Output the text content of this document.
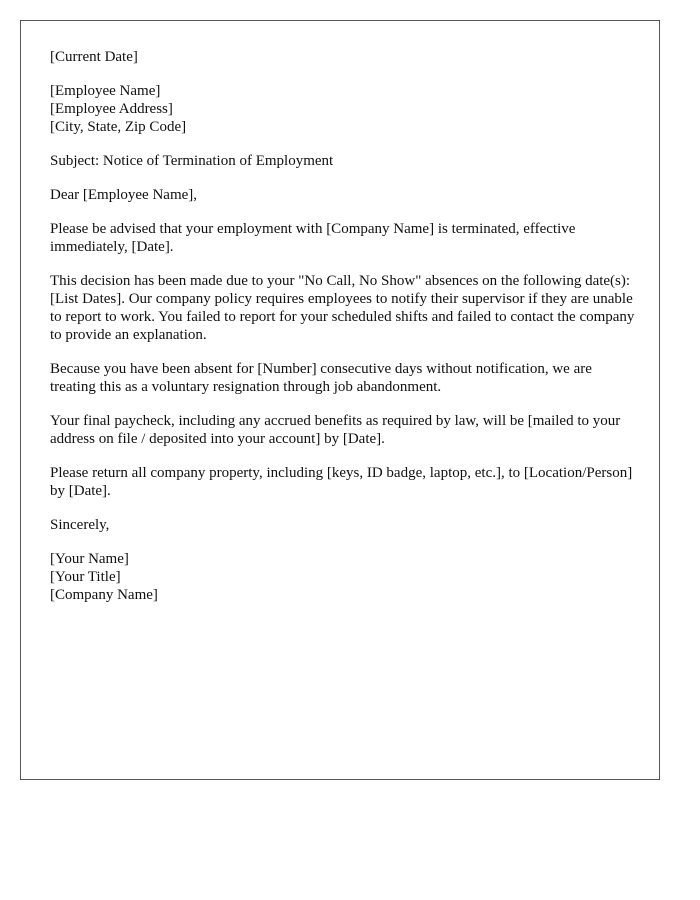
[Current Date]
[Employee Name]
[Employee Address]
[City, State, Zip Code]

Subject: Notice of Termination of Employment

Dear [Employee Name],

Please be advised that your employment with [Company Name] is terminated, effective immediately, [Date].

This decision has been made due to your "No Call, No Show" absences on the following date(s): [List Dates]. Our company policy requires employees to notify their supervisor if they are unable to report to work. You failed to report for your scheduled shifts and failed to contact the company to provide an explanation.

Because you have been absent for [Number] consecutive days without notification, we are treating this as a voluntary resignation through job abandonment.

Your final paycheck, including any accrued benefits as required by law, will be [mailed to your address on file / deposited into your account] by [Date].

Please return all company property, including [keys, ID badge, laptop, etc.], to [Location/Person] by [Date].

Sincerely,

[Your Name]
[Your Title]
[Company Name]
